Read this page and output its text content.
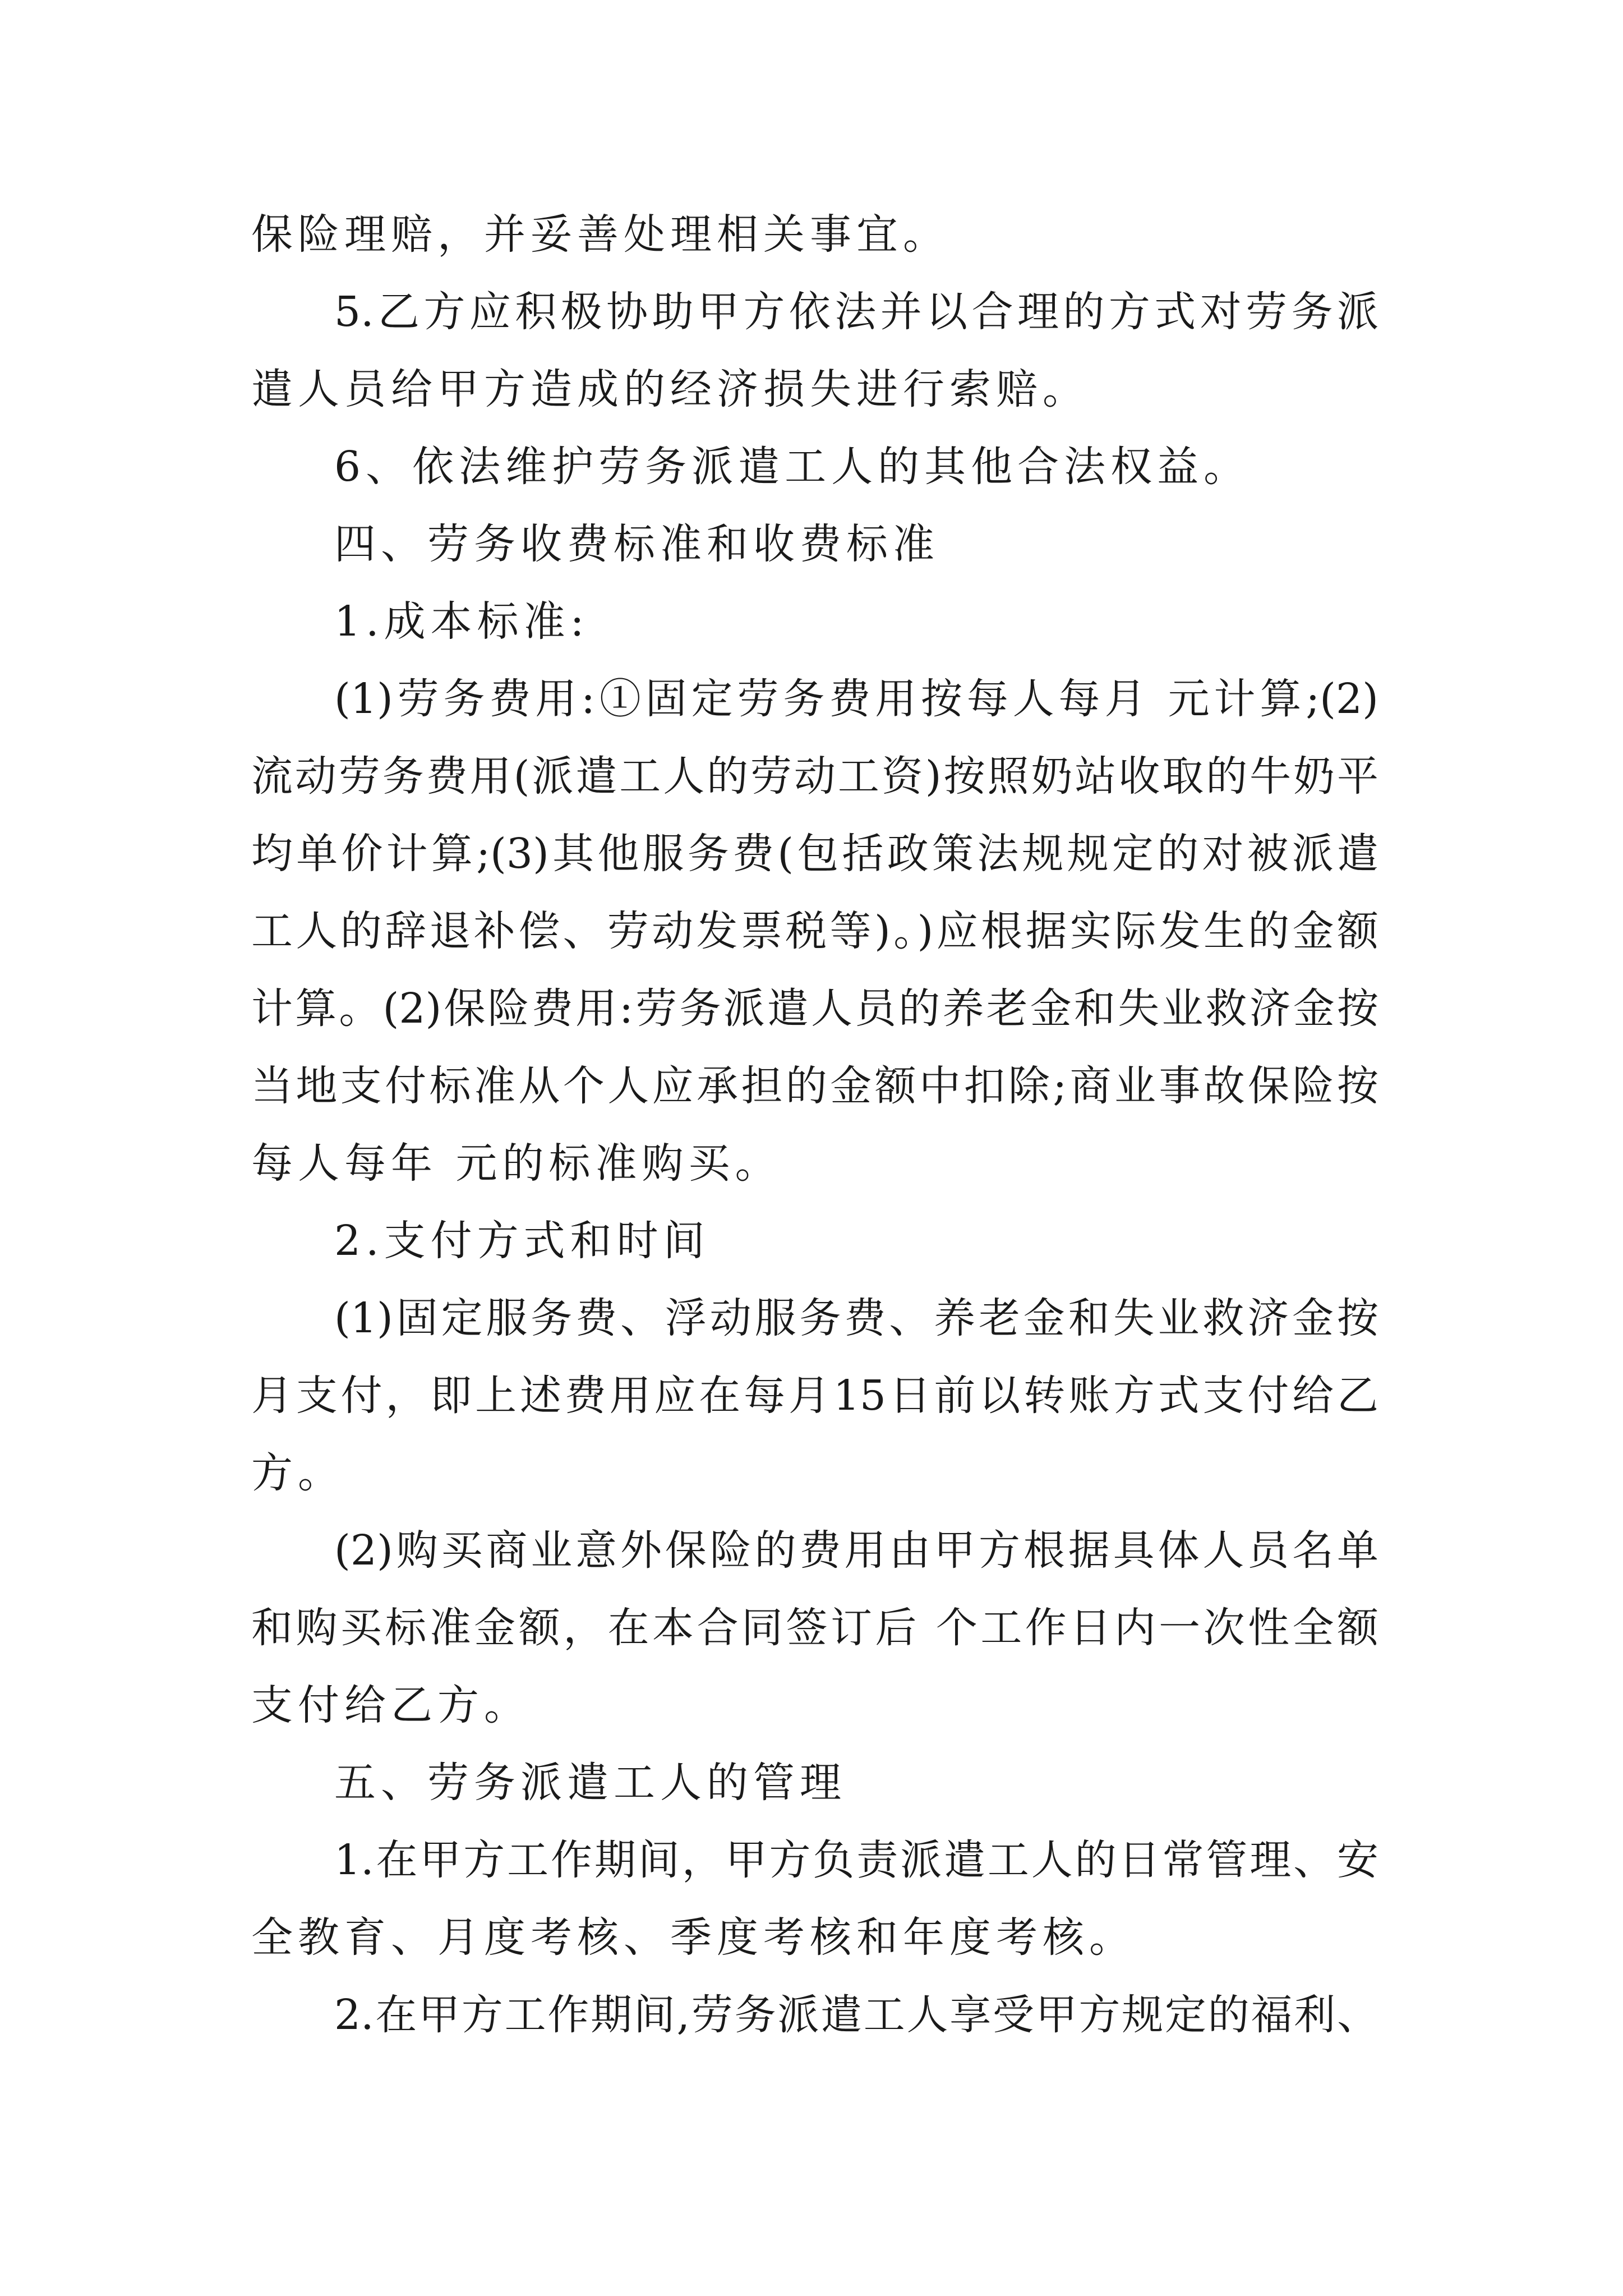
保险理赔，并妥善处理相关事宜。
5.乙方应积极协助甲方依法并以合理的方式对劳务派
遣人员给甲方造成的经济损失进行索赔。
6、依法维护劳务派遣工人的其他合法权益。
四、劳务收费标准和收费标准
1.成本标准:
(1)劳务费用:①固定劳务费用按每人每月 元计算;(2)
流动劳务费用(派遣工人的劳动工资)按照奶站收取的牛奶平
均单价计算;(3)其他服务费(包括政策法规规定的对被派遣
工人的辞退补偿、劳动发票税等)。)应根据实际发生的金额
计算。(2)保险费用:劳务派遣人员的养老金和失业救济金按
当地支付标准从个人应承担的金额中扣除;商业事故保险按
每人每年 元的标准购买。
2.支付方式和时间
(1)固定服务费、浮动服务费、养老金和失业救济金按
月支付，即上述费用应在每月15日前以转账方式支付给乙
方。
(2)购买商业意外保险的费用由甲方根据具体人员名单
和购买标准金额，在本合同签订后 个工作日内一次性全额
支付给乙方。
五、劳务派遣工人的管理
1.在甲方工作期间，甲方负责派遣工人的日常管理、安
全教育、月度考核、季度考核和年度考核。
2.在甲方工作期间,劳务派遣工人享受甲方规定的福利、
